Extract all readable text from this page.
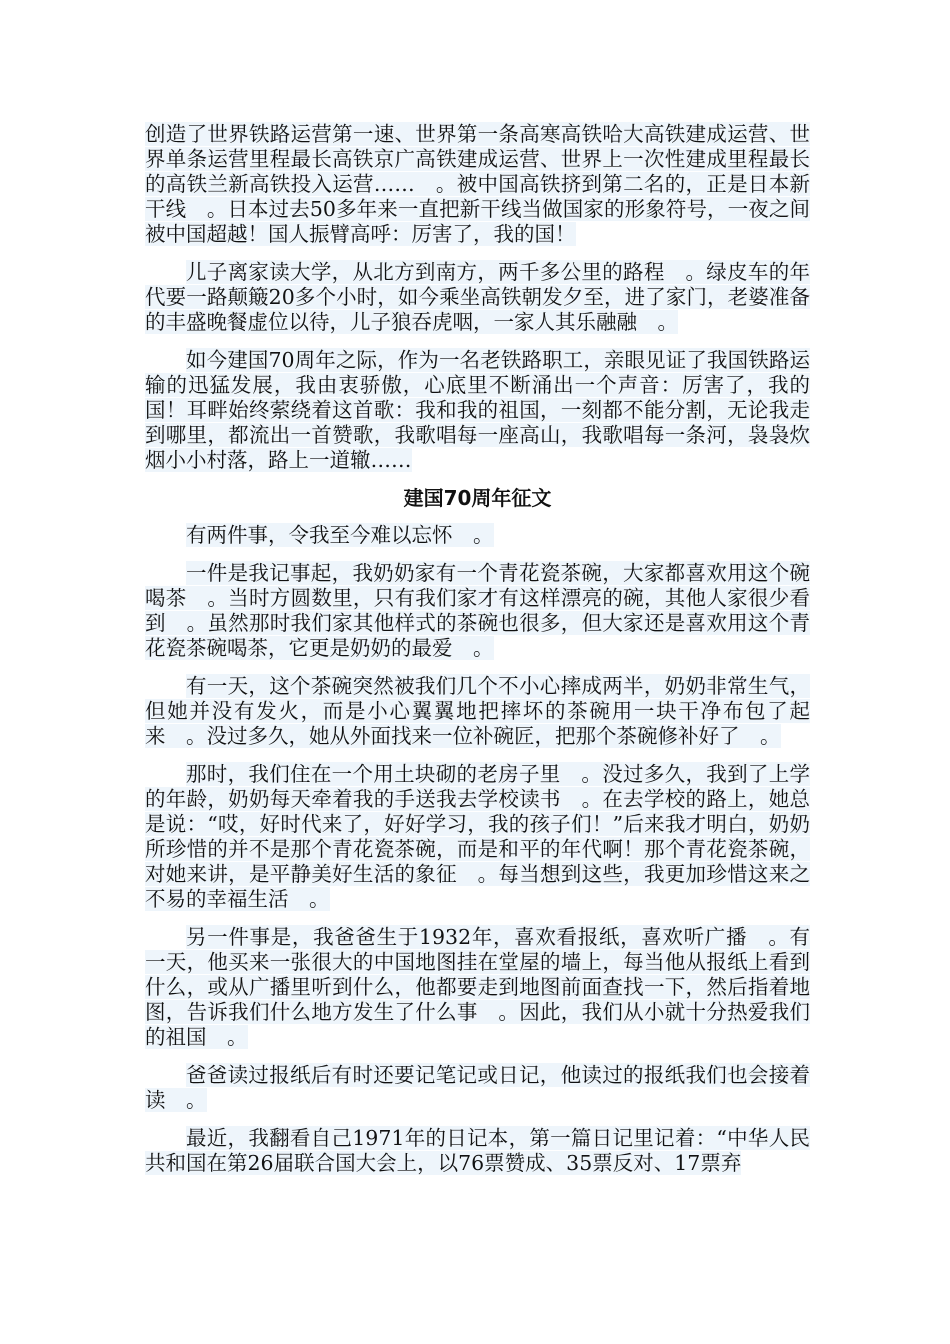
创造了世界铁路运营第一速、世界第一条高寒高铁哈大高铁建成运营、世界单条运营里程最长高铁京广高铁建成运营、世界上一次性建成里程最长的高铁兰新高铁投入运营……　。被中国高铁挤到第二名的，正是日本新干线　。日本过去50多年来一直把新干线当做国家的形象符号，一夜之间被中国超越！国人振臂高呼：厉害了，我的国！

儿子离家读大学，从北方到南方，两千多公里的路程　。绿皮车的年代要一路颠簸20多个小时，如今乘坐高铁朝发夕至，进了家门，老婆准备的丰盛晚餐虚位以待，儿子狼吞虎咽，一家人其乐融融　。

如今建国70周年之际，作为一名老铁路职工，亲眼见证了我国铁路运输的迅猛发展，我由衷骄傲，心底里不断涌出一个声音：厉害了，我的国！耳畔始终萦绕着这首歌：我和我的祖国，一刻都不能分割，无论我走到哪里，都流出一首赞歌，我歌唱每一座高山，我歌唱每一条河，袅袅炊烟小小村落，路上一道辙……

建国70周年征文

有两件事，令我至今难以忘怀　。

一件是我记事起，我奶奶家有一个青花瓷茶碗，大家都喜欢用这个碗喝茶　。当时方圆数里，只有我们家才有这样漂亮的碗，其他人家很少看到　。虽然那时我们家其他样式的茶碗也很多，但大家还是喜欢用这个青花瓷茶碗喝茶，它更是奶奶的最爱　。

有一天，这个茶碗突然被我们几个不小心摔成两半，奶奶非常生气，但她并没有发火，而是小心翼翼地把摔坏的茶碗用一块干净布包了起来　。没过多久，她从外面找来一位补碗匠，把那个茶碗修补好了　。

那时，我们住在一个用土块砌的老房子里　。没过多久，我到了上学的年龄，奶奶每天牵着我的手送我去学校读书　。在去学校的路上，她总是说：“哎，好时代来了，好好学习，我的孩子们！”后来我才明白，奶奶所珍惜的并不是那个青花瓷茶碗，而是和平的年代啊！那个青花瓷茶碗，对她来讲，是平静美好生活的象征　。每当想到这些，我更加珍惜这来之不易的幸福生活　。

另一件事是，我爸爸生于1932年，喜欢看报纸，喜欢听广播　。有一天，他买来一张很大的中国地图挂在堂屋的墙上，每当他从报纸上看到什么，或从广播里听到什么，他都要走到地图前面查找一下，然后指着地图，告诉我们什么地方发生了什么事　。因此，我们从小就十分热爱我们的祖国　。

爸爸读过报纸后有时还要记笔记或日记，他读过的报纸我们也会接着读　。

最近，我翻看自己1971年的日记本，第一篇日记里记着：“中华人民共和国在第26届联合国大会上，以76票赞成、35票反对、17票弃
